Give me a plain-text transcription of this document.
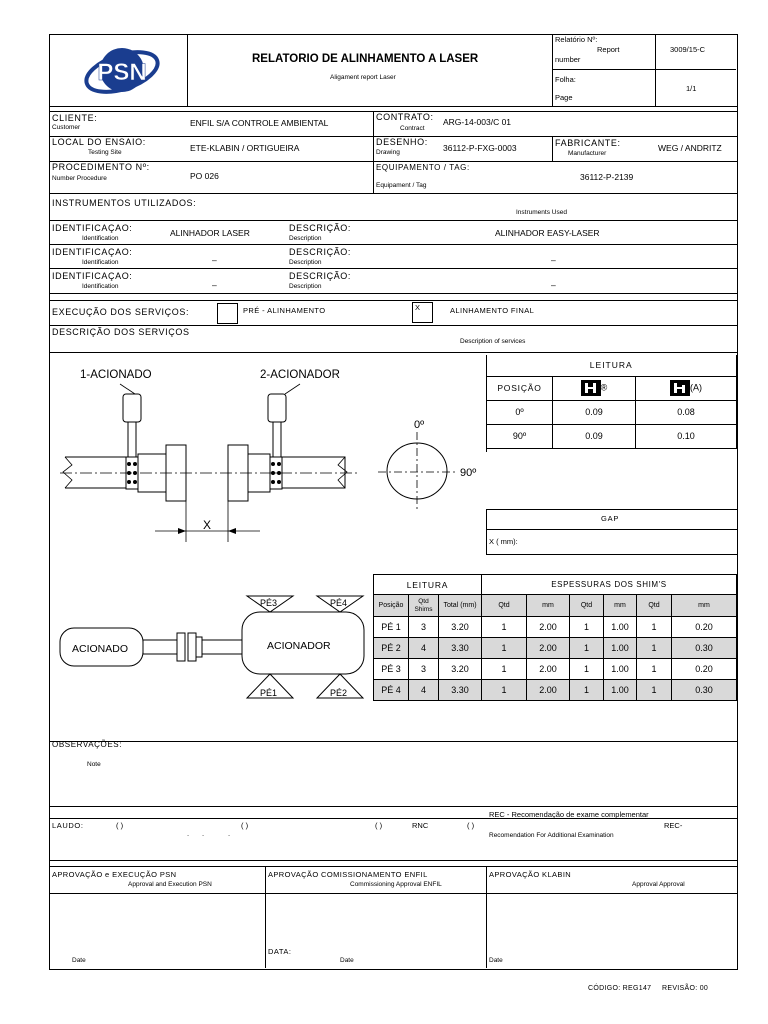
PSN	RELATORIO DE ALINHAMENTO A LASER
Aligament report Laser
Relatório Nº:
Report
number
3009/15-C
Folha:
Page
1/1
CLIENTE:
Customer	ENFIL S/A CONTROLE AMBIENTAL
CONTRATO:
Contract
ARG-14-003/C 01
LOCAL DO ENSAIO:
Testing Site	ETE-KLABIN / ORTIGUEIRA
DESENHO:
Drawing	36112-P-FXG-0003	FABRICANTE:
Manufacturer
WEG / ANDRITZ
PROCEDIMENTO Nº:
Number Procedure	PO 026
EQUIPAMENTO / TAG:
Equipament / Tag
36112-P-2139
INSTRUMENTOS UTILIZADOS:
Instruments Used
IDENTIFICAÇAO:
Identification
ALINHADOR LASER	DESCRIÇÃO:
Description
ALINHADOR EASY-LASER
IDENTIFICAÇAO:
Identification	–
DESCRIÇÃO:
Description	–
IDENTIFICAÇAO:
Identification	–
DESCRIÇÃO:
Description	–
EXECUÇÃO DOS SERVIÇOS:	PRÉ - ALINHAMENTO	X	ALINHAMENTO FINAL
DESCRIÇÃO DOS SERVIÇOS
Description of services
1-ACIONADO	2-ACIONADOR
X
0º
90º
LEITURA		
POSIÇÃO	®	(A)
0º	0.09	0.08
90º	0.09	0.10
GAP
X ( mm):
ACIONADO	ACIONADOR
PÉ3	PÉ4
PÉ1	PÉ2
LEITURA			ESPESSURAS DOS SHIM'S					
Posição	Qtd Shims	Total (mm)	Qtd	mm	Qtd	mm	Qtd	mm
PÉ 1	3	3.20	1	2.00	1	1.00	1	0.20
PÉ 2	4	3.30	1	2.00	1	1.00	1	0.30
PÉ 3	3	3.20	1	2.00	1	1.00	1	0.20
PÉ 4	4	3.30	1	2.00	1	1.00	1	0.30
OBSERVAÇÕES:
Note
LAUDO:	( )	( )	( )	RNC	( )
REC - Recomendação de exame complementar
REC-
Recomendation For Additional Examination
. .	.
APROVAÇÃO e EXECUÇÃO PSN
Approval and Execution PSN
APROVAÇÃO COMISSIONAMENTO ENFIL
Commissioning Approval ENFIL
APROVAÇÃO KLABIN
Approval Approval
DATA:
Date	Date	Date
CÓDIGO: REG147 REVISÃO: 00
